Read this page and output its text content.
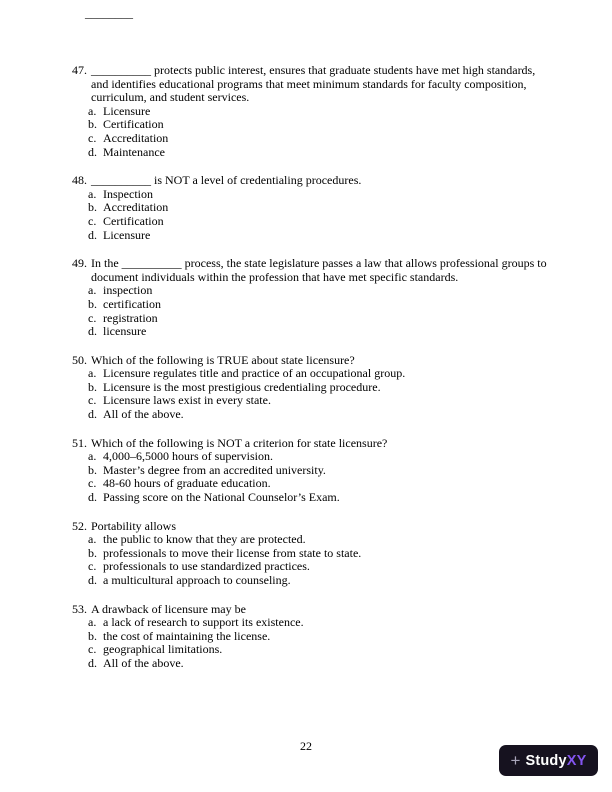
________
47. __________ protects public interest, ensures that graduate students have met high standards, and identifies educational programs that meet minimum standards for faculty composition, curriculum, and student services.
a. Licensure
b. Certification
c. Accreditation
d. Maintenance
48. __________ is NOT a level of credentialing procedures.
a. Inspection
b. Accreditation
c. Certification
d. Licensure
49. In the __________ process, the state legislature passes a law that allows professional groups to document individuals within the profession that have met specific standards.
a. inspection
b. certification
c. registration
d. licensure
50. Which of the following is TRUE about state licensure?
a. Licensure regulates title and practice of an occupational group.
b. Licensure is the most prestigious credentialing procedure.
c. Licensure laws exist in every state.
d. All of the above.
51. Which of the following is NOT a criterion for state licensure?
a. 4,000–6,5000 hours of supervision.
b. Master’s degree from an accredited university.
c. 48-60 hours of graduate education.
d. Passing score on the National Counselor’s Exam.
52. Portability allows
a. the public to know that they are protected.
b. professionals to move their license from state to state.
c. professionals to use standardized practices.
d. a multicultural approach to counseling.
53. A drawback of licensure may be
a. a lack of research to support its existence.
b. the cost of maintaining the license.
c. geographical limitations.
d. All of the above.
22
+ StudyXY
